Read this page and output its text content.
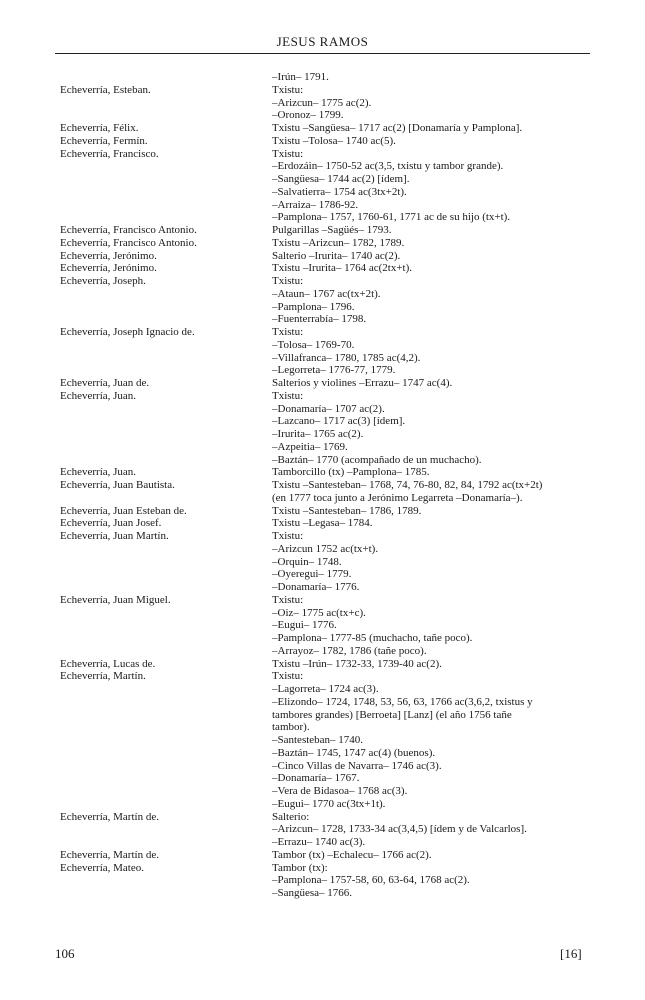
JESUS RAMOS
–Irún– 1791.
Echeverría, Esteban.	Txistu:
–Arizcun– 1775 ac(2).
–Oronoz– 1799.
Echeverría, Félix.	Txistu –Sangüesa– 1717 ac(2) [Donamaría y Pamplona].
Echeverría, Fermín.	Txistu –Tolosa– 1740 ac(5).
Echeverría, Francisco.	Txistu:
–Erdozáin– 1750-52 ac(3,5, txistu y tambor grande).
–Sangüesa– 1744 ac(2) [ídem].
–Salvatierra– 1754 ac(3tx+2t).
–Arraiza– 1786-92.
–Pamplona– 1757, 1760-61, 1771 ac de su hijo (tx+t).
Echeverría, Francisco Antonio.	Pulgarillas –Sagüés– 1793.
Echeverría, Francisco Antonio.	Txistu –Arizcun– 1782, 1789.
Echeverría, Jerónimo.	Salterio –Irurita– 1740 ac(2).
Echeverría, Jerónimo.	Txistu –Irurita– 1764 ac(2tx+t).
Echeverría, Joseph.	Txistu:
–Ataun– 1767 ac(tx+2t).
–Pamplona– 1796.
–Fuenterrabía– 1798.
Echeverría, Joseph Ignacio de.	Txistu:
–Tolosa– 1769-70.
–Villafranca– 1780, 1785 ac(4,2).
–Legorreta– 1776-77, 1779.
Echeverría, Juan de.	Salterios y violines –Errazu– 1747 ac(4).
Echeverría, Juan.	Txistu:
–Donamaría– 1707 ac(2).
–Lazcano– 1717 ac(3) [ídem].
–Irurita– 1765 ac(2).
–Azpeitia– 1769.
–Baztán– 1770 (acompañado de un muchacho).
Echeverría, Juan.	Tamborcillo (tx) –Pamplona– 1785.
Echeverría, Juan Bautista.	Txistu –Santesteban– 1768, 74, 76-80, 82, 84, 1792 ac(tx+2t)
(en 1777 toca junto a Jerónimo Legarreta –Donamaría–).
Echeverría, Juan Esteban de.	Txistu –Santesteban– 1786, 1789.
Echeverría, Juan Josef.	Txistu –Legasa– 1784.
Echeverría, Juan Martín.	Txistu:
–Arizcun 1752 ac(tx+t).
–Orquin– 1748.
–Oyeregui– 1779.
–Donamaría– 1776.
Echeverría, Juan Miguel.	Txistu:
–Oiz– 1775 ac(tx+c).
–Eugui– 1776.
–Pamplona– 1777-85 (muchacho, tañe poco).
–Arrayoz– 1782, 1786 (tañe poco).
Echeverría, Lucas de.	Txistu –Irún– 1732-33, 1739-40 ac(2).
Echeverría, Martín.	Txistu:
–Lagorreta– 1724 ac(3).
–Elizondo– 1724, 1748, 53, 56, 63, 1766 ac(3,6,2, txistus y
tambores grandes) [Berroeta] [Lanz] (el año 1756 tañe
tambor).
–Santesteban– 1740.
–Baztán– 1745, 1747 ac(4) (buenos).
–Cinco Villas de Navarra– 1746 ac(3).
–Donamaría– 1767.
–Vera de Bidasoa– 1768 ac(3).
–Eugui– 1770 ac(3tx+1t).
Echeverría, Martín de.	Salterio:
–Arizcun– 1728, 1733-34 ac(3,4,5) [ídem y de Valcarlos].
–Errazu– 1740 ac(3).
Echeverría, Martín de.	Tambor (tx) –Echalecu– 1766 ac(2).
Echeverría, Mateo.	Tambor (tx):
–Pamplona– 1757-58, 60, 63-64, 1768 ac(2).
–Sangüesa– 1766.
106	[16]
